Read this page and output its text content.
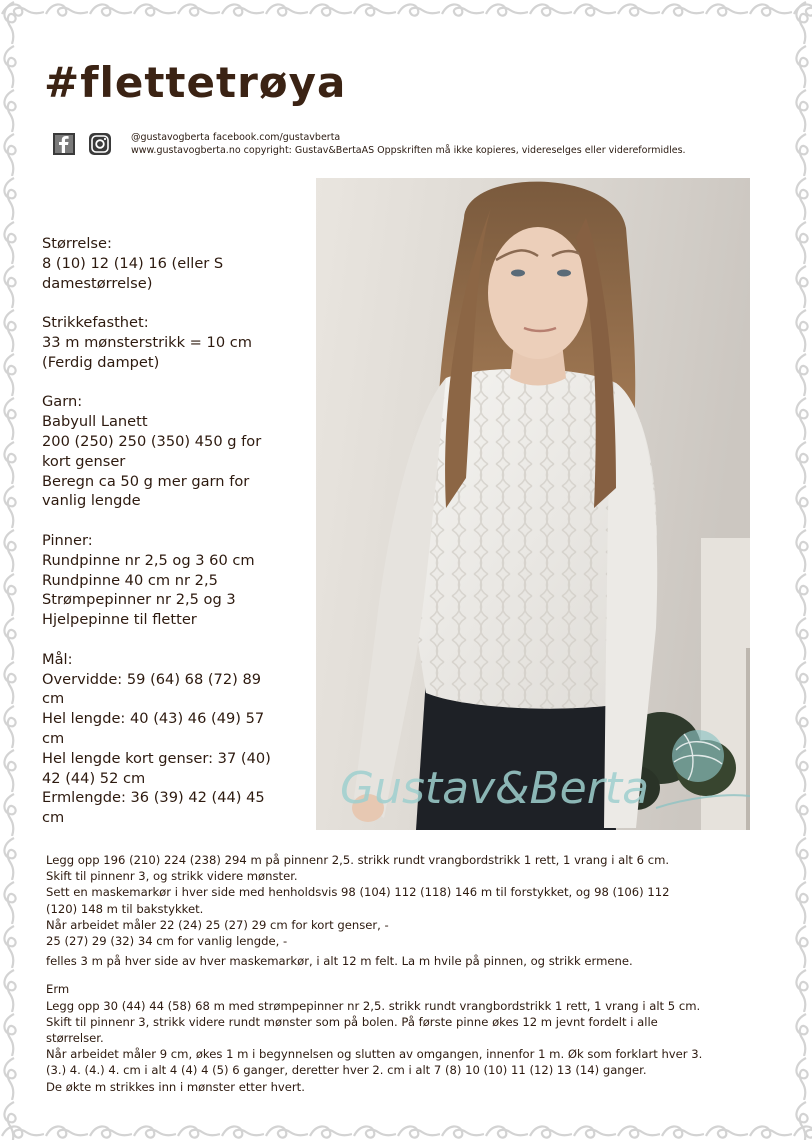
#flettetrøya
@gustavogberta facebook.com/gustavberta
www.gustavogberta.no copyright: Gustav&BertaAS Oppskriften må ikke kopieres, videreselges eller videreformidles.
Størrelse:
8 (10) 12 (14) 16 (eller S
damestørrelse)
Strikkefasthet:
33 m mønsterstrikk = 10 cm
(Ferdig dampet)
Garn:
Babyull Lanett
200 (250) 250 (350) 450 g for
kort genser
Beregn ca 50 g mer garn for
vanlig lengde
Pinner:
Rundpinne nr 2,5 og 3 60 cm
Rundpinne 40 cm nr 2,5
Strømpepinner nr 2,5 og 3
Hjelpepinne til fletter
Mål:
Overvidde: 59 (64) 68 (72) 89
cm
Hel lengde: 40 (43) 46 (49) 57
cm
Hel lengde kort genser: 37 (40)
42 (44) 52 cm
Ermlengde: 36 (39) 42 (44) 45
cm
Gustav&Berta
Legg opp 196 (210) 224 (238) 294 m på pinnenr 2,5. strikk rundt vrangbordstrikk 1 rett, 1 vrang i alt 6 cm.
Skift til pinnenr 3, og strikk videre mønster.
Sett en maskemarkør i hver side med henholdsvis 98 (104) 112 (118) 146 m til forstykket, og 98 (106) 112
(120) 148 m til bakstykket.
Når arbeidet måler 22 (24) 25 (27) 29 cm for kort genser, -
25 (27) 29 (32) 34 cm for vanlig lengde, -
felles 3 m på hver side av hver maskemarkør, i alt 12 m felt. La m hvile på pinnen, og strikk ermene.
Erm
Legg opp 30 (44) 44 (58) 68 m med strømpepinner nr 2,5. strikk rundt vrangbordstrikk 1 rett, 1 vrang i alt 5 cm.
Skift til pinnenr 3, strikk videre rundt mønster som på bolen. På første pinne økes 12 m jevnt fordelt i alle
størrelser.
Når arbeidet måler 9 cm, økes 1 m i begynnelsen og slutten av omgangen, innenfor 1 m. Øk som forklart hver 3.
(3.) 4. (4.) 4. cm i alt 4 (4) 4 (5) 6 ganger, deretter hver 2. cm i alt 7 (8) 10 (10) 11 (12) 13 (14) ganger.
De økte m strikkes inn i mønster etter hvert.
